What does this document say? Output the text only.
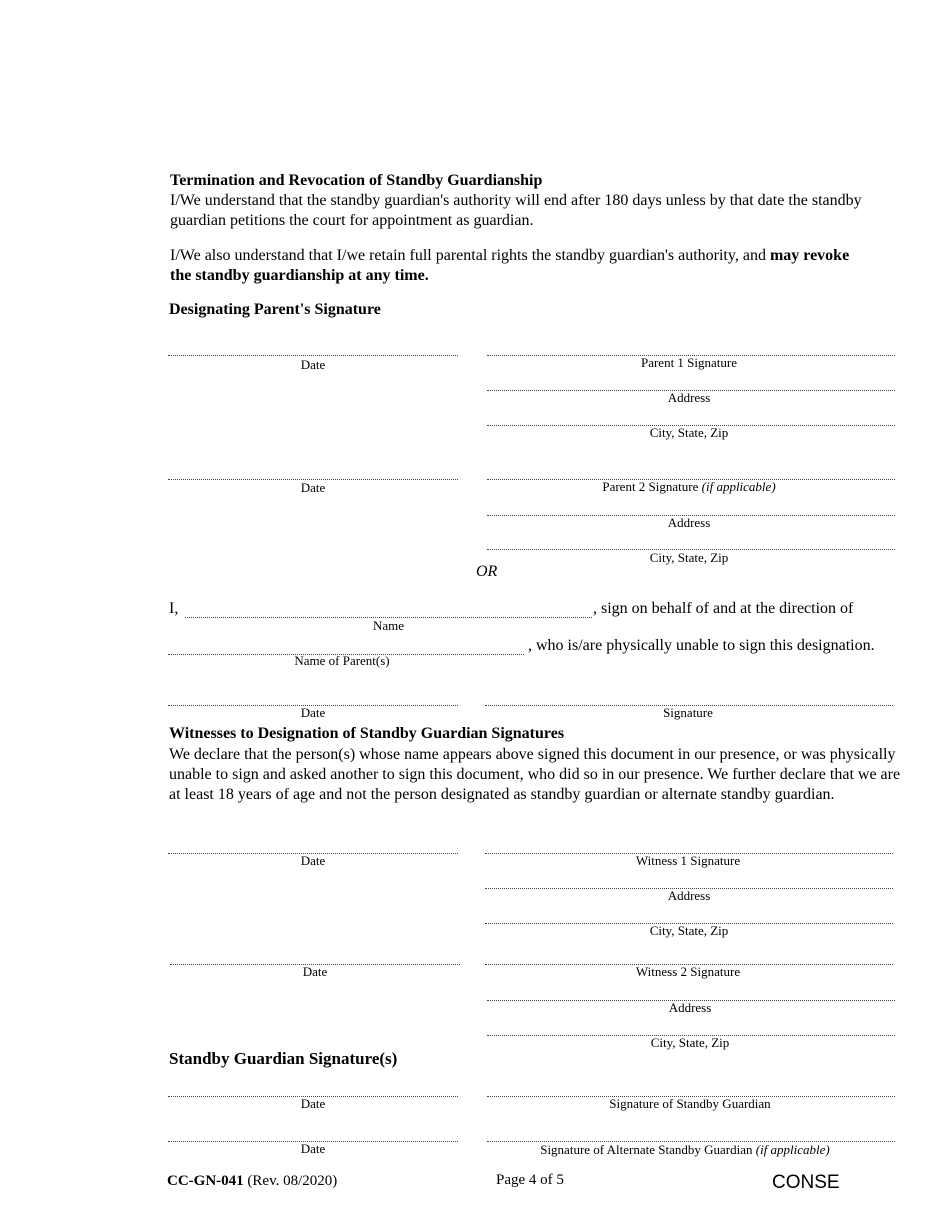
Termination and Revocation of Standby Guardianship
I/We understand that the standby guardian's authority will end after 180 days unless by that date the standby guardian petitions the court for appointment as guardian.
I/We also understand that I/we retain full parental rights the standby guardian's authority, and may revoke the standby guardianship at any time.
Designating Parent's Signature
Date	Parent 1 Signature
Address
City, State, Zip
Date	Parent 2 Signature (if applicable)
Address
City, State, Zip
OR
I,	, sign on behalf of and at the direction of
Name
, who is/are physically unable to sign this designation.
Name of Parent(s)
Date	Signature
Witnesses to Designation of Standby Guardian Signatures
We declare that the person(s) whose name appears above signed this document in our presence, or was physically unable to sign and asked another to sign this document, who did so in our presence. We further declare that we are at least 18 years of age and not the person designated as standby guardian or alternate standby guardian.
Date	Witness 1 Signature
Address
City, State, Zip
Date	Witness 2 Signature
Address
City, State, Zip
Standby Guardian Signature(s)
Date	Signature of Standby Guardian
Date	Signature of Alternate Standby Guardian (if applicable)
CC-GN-041 (Rev. 08/2020)	Page 4 of 5	CONSE
